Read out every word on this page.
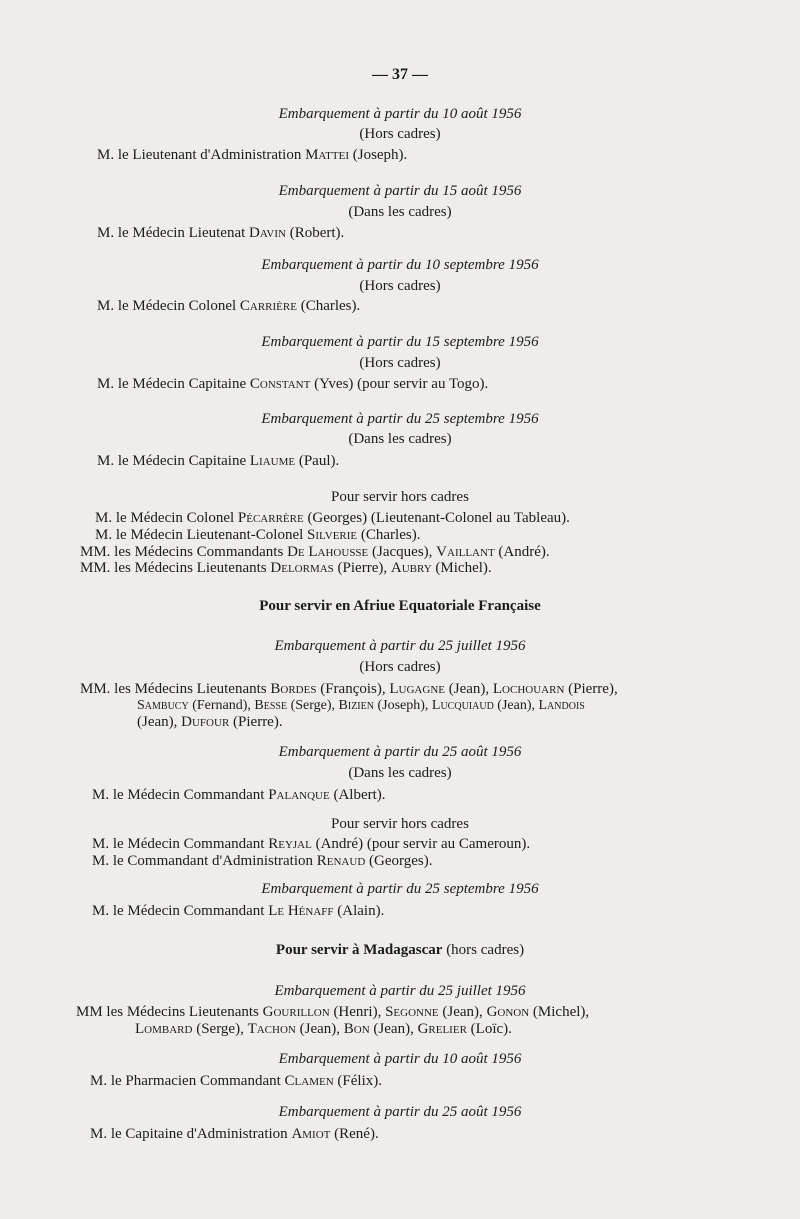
— 37 —
Embarquement à partir du 10 août 1956
(Hors cadres)
M. le Lieutenant d'Administration Mattei (Joseph).
Embarquement à partir du 15 août 1956
(Dans les cadres)
M. le Médecin Lieutenat Davin (Robert).
Embarquement à partir du 10 septembre 1956
(Hors cadres)
M. le Médecin Colonel Carrière (Charles).
Embarquement à partir du 15 septembre 1956
(Hors cadres)
M. le Médecin Capitaine Constant (Yves) (pour servir au Togo).
Embarquement à partir du 25 septembre 1956
(Dans les cadres)
M. le Médecin Capitaine Liaume (Paul).
Pour servir hors cadres
M. le Médecin Colonel Pécarrère (Georges) (Lieutenant-Colonel au Tableau).
M. le Médecin Lieutenant-Colonel Silverie (Charles).
MM. les Médecins Commandants De Lahousse (Jacques), Vaillant (André).
MM. les Médecins Lieutenants Delormas (Pierre), Aubry (Michel).
Pour servir en Afriue Equatoriale Française
Embarquement à partir du 25 juillet 1956
(Hors cadres)
MM. les Médecins Lieutenants Bordes (François), Lugagne (Jean), Lochouarn (Pierre),
Sambucy (Fernand), Besse (Serge), Bizien (Joseph), Lucquiaud (Jean), Landois
(Jean), Dufour (Pierre).
Embarquement à partir du 25 août 1956
(Dans les cadres)
M. le Médecin Commandant Palanque (Albert).
Pour servir hors cadres
M. le Médecin Commandant Reyjal (André) (pour servir au Cameroun).
M. le Commandant d'Administration Renaud (Georges).
Embarquement à partir du 25 septembre 1956
M. le Médecin Commandant Le Hénaff (Alain).
Pour servir à Madagascar (hors cadres)
Embarquement à partir du 25 juillet 1956
MM les Médecins Lieutenants Gourillon (Henri), Segonne (Jean), Gonon (Michel),
Lombard (Serge), Tachon (Jean), Bon (Jean), Grelier (Loïc).
Embarquement à partir du 10 août 1956
M. le Pharmacien Commandant Clamen (Félix).
Embarquement à partir du 25 août 1956
M. le Capitaine d'Administration Amiot (René).
